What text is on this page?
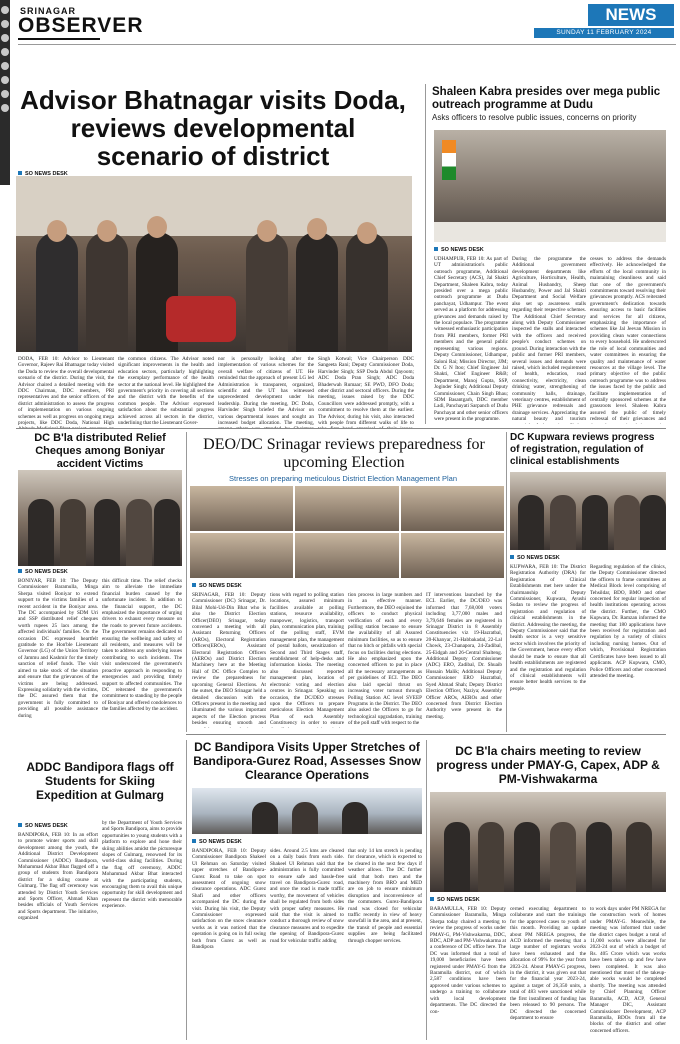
SRINAGAR
OBSERVER	NEWS
SUNDAY 11 FEBRUARY 2024
Advisor Bhatnagar visits Doda, reviews developmental scenario of district
SO NEWS DESK
DODA, FEB 10: Advisor to Lieutenant Governor, Rajeev Rai Bhatnagar today visited the Doda to review the overall developmental scenario of the district. During the visit, the Advisor chaired a detailed meeting with the DDC Chairman, DDC members, PRI representatives and the senior officers of the district administration to assess the progress of implementation on various ongoing schemes as well as progress on ongoing mega projects, like DDC Doda, National High
the common citizens. The Advisor noted significant improvements in the health and education sectors, particularly highlighting the exemplary performance of the health sector at the national level. He highlighted the government's priority in covering all sections and the district with the benefits of the common people. The Advisor expressed satisfaction about the substantial progress achieved across all sectors in the district, underlining that the Lieutenant Gover-
nor is personally looking after the implementation of various schemes for the overall welfare of citizens of UT. He reminded that the approach of present LG led Administration is transparent, organized, scientific and the UT has witnessed unprecedented development under his leadership. During the meeting, DC Doda, Harvinder Singh briefed the Advisor on various departmental issues and sought an increased budget allocation. The meeting,
Singh Kotwal; Vice Chairperson DDC Sangeeta Rani; Deputy Commissioner Doda, Harvinder Singh; SSP Doda Abdul Qayoom; ADC Doda Pran Singh; ADC Doda Bhaderwah Rumaar; SE PWD, DFO Doda; other district and sectoral officers. During the meeting, issues raised by the DDC Councillors were addressed promptly, with a commitment to resolve them at the earliest. The Advisor, during his visit, also interacted with people from different walks of life to
Shaleen Kabra presides over mega public outreach programme at Dudu
Asks officers to resolve public issues, concerns on priority
SO NEWS DESK
UDHAMPUR, FEB 10: As part of UT administration's public outreach programme, Additional Chief Secretary (ACS), Jal Shakti Department, Shaleen Kabra, today presided over a mega public outreach programme at Dudu panchayat, Udhampur. The event served as a platform for addressing grievances and demands raised by the local populace. The programme witnessed enthusiastic participation from PRI members, former PRI members and the general public representing various regions. Deputy Commissioner, Udhampur, Saloni Rai; Mission Director, JJM; Dr. G N Itoo; Chief Engineer Jal Shakti, Chief Engineer R&B; Department, Manoj Gupta, SSP, Joginder Singh; Additional Deputy Commissioner, Chain Singh Bhau; SDM Basantgarh, DDC member Ladi, Panchayati Sarpanch of Dudu Panchayat and other senior officers were present in the programme.
During the programme the Additional government development departments like Agriculture, Horticulture, Health, Animal Husbandry, Sheep Husbandry, Power and Jal Shakti Department and Social Welfare also set up awareness stalls regarding their respective schemes. The Additional Chief Secretary along with Deputy Commissioner inspected the stalls and interacted with the officers and received people's conduct schemes on ground. During interaction with the public and former PRI members, several issues and demands were raised, which included requirement of health, education, road connectivity, electricity, clean drinking water, strengthening of community halls, drainage, veterinary centres, establishment of PHE grievance redressals and drainage services. Appreciating the natural beauty and tourism
cesses to address the demands effectively. He acknowledged the efforts of the local community in maintaining cleanliness and said that one of the government's commitments toward resolving their grievances promptly. ACS reiterated government's dedication towards ensuring access to basic facilities and services for all citizens, emphasizing the importance of schemes like Jal Jeevan Mission in providing clean water connections to every household. He underscored the role of local communities and water committees in ensuring the quality and maintenance of water resources at the village level. The primary objective of the public outreach programme was to address the issues faced by the public and facilitate implementation of centrally sponsored schemes at the grassroots level. Shaleen Kabra assured the public of timely redressal of their grievances and
DC B'la distributed Relief Cheques among Boniyar accident Victims
SO NEWS DESK
BONIYAR, FEB 10: The Deputy Commissioner Baramulla, Minga Sherpa visited Boniyar to extend support to the victims families of a recent accident in the Boniyar area. The DC accompanied by SDM Uri and SSP distributed relief cheques worth rupees 25 lacs among the affected individuals' families. On the occasion DC expressed heartfelt gratitude to the Hon'ble Lieutenant Governor (LG) of the Union Territory of Jammu and Kashmir for the timely sanction of relief funds. The visit aimed to take stock of the situation and ensure that the grievances of the victims are being addressed. Expressing solidarity with the victims, the DC assured them that the government is fully committed to providing all possible assistance during
this difficult time. The relief checks aim to alleviate the immediate financial burden caused by the unfortunate incident. In addition to the financial support, the DC emphasized the importance of urging drivers to exhaust every measure on the roads to prevent future accidents. The government remains dedicated to ensuring the wellbeing and safety of all residents, and measures will be taken to address any underlying issues contributing to such incidents. The visit underscored the government's proactive approach in responding to emergencies and providing timely support to affected communities. The DC reiterated the government's commitment to standing by the people of Boniyar and offered condolences to the families affected by the accident.
DEO/DC Srinagar reviews preparedness for upcoming Election
Stresses on preparing meticulous District Election Management Plan
SO NEWS DESK
SRINAGAR, FEB 10: Deputy Commissioner (DC) Srinagar, Dr. Bilal Mohi-Ud-Din Bhat who is also the District Election Officer(DEO) Srinagar, today convened a meeting with all Assistant Returning Officers (AROs), Electoral Registration Officers(EROs), Assistant Electoral Registration Officers (AEROs) and District Election Machinery here at the Meeting Hall of DC Office Complex to review the preparedness for upcoming General Elections. At the outset, the DEO Srinagar held a detailed discussion with the Officers present in the meeting and illuminated the various important aspects of the Election process besides ensuring smooth and
tions with regard to polling station locations, assured minimum facilities available at polling stations, resource availability, manpower, logistics, transport plan, communication plan, training of the polling staff, EVM management plan, the management of postal ballots, sensitization of Second and Third Stages staff, establishment of help-desks and information kiosks. The meeting also discussed reported management plan, location of electronic voting and election centres in Srinagar. Speaking on occasion, the DC/DEO stresses upon the Officers to prepare meticulous Election Management Plan of each Assembly Constituency in order to ensure
tion process in large numbers and in an effective manner. Furthermore, the DEO enjoined the officers to conduct physical verification of each and every polling station because to ensure the availability of all Assured minimum facilities, so as to ensure that no hitch or pitfalls with special focus on facilities during elections. He also emphasized upon the concerned officers to put in place all the necessary arrangements as per guidelines of ECI. The DEO also laid special thrust on increasing voter turnout through Polling Station AC level SVEEP Programs in the District. The DEO also asked the Officers to go for technological upgradation, training of the poll staff with respect to the
IT interventions launched by the ECI. Earlier, the DC/DEO was informed that 7,68,000 voters including 3,77,000 males and 3,79,646 females are registered in Srinagar District in 8 Assembly Constituencies viz 19-Hazratbal, 20-Khanyar, 21-Habbakadal, 22-Lal Chowk, 23-Chanapora, 24-Zadibal, 25-Eidgah and 26-Central Shalteng. Additional Deputy Commissioner (ADC) ERO, Zadibal, Dr. Shuaib Hussain Malik; Additional Deputy Commissioner ERO Hazratbal, Syed Ahmad Shah; Deputy District Election Officer, Naziya; Assembly Officer AROs, AEROs and other concerned from District Election Authority were present in the meeting.
DC Kupwara reviews progress of registration, regulation of clinical establishments
SO NEWS DESK
KUPWARA, FEB 10: The District Registration Authority (DRA) for Registration of Clinical Establishments met here under the chairmanship of Deputy Commissioner, Kupwara, Ayushi Sudan to review the progress of registration and regulation of clinical establishments in the district. Addressing the meeting, the Deputy Commissioner said that the health sector is a very sensitive sector which involves the priority of the Government, hence every effort should be made to ensure that all health establishments are registered and the registration and regulation of clinical establishments will ensure better health services to the people.
Regarding regulation of the clinics, the Deputy Commissioner directed the officers to frame committees at Medical Block level comprising of Tehsildar, BDO, BMO and other concerned for regular inspection of health institutions operating across the district. Further, the CMO Kupwara, Dr. Ramzan informed the meeting that 180 applications have been received for registration and regulation by a variety of clinics including nursing homes. Out of which, Provisional Registration Certificates have been issued to all applicants. ACP Kupwara, CMO, Police Officers and other concerned attended the meeting.
ADDC Bandipora flags off Students for Skiing Expedition at Gulmarg
SO NEWS DESK
BANDIPORA, FEB 10: In an effort to promote winter sports and skill development among the youth, the Additional District Development Commissioner (ADDC) Bandipora, Mohammad Akbar Bhat flagged off a group of students from Bandipora district for a skiing course at Gulmarg. The flag off ceremony was attended by District Youth Services and Sports Officer, Ahmad Khan besides officials of Youth Services and Sports department. The initiative, organized
by the Department of Youth Services and Sports Bandipora, aims to provide opportunities to young students with a platform to explore and hone their skiing abilities amidst the picturesque slopes of Gulmarg, renowned for its world-class skiing facilities. During the flag off ceremony, ADDC Mohammad Akbar Bhat interacted with the participating students, encouraging them to avail this unique opportunity for skill development and represent the district with memorable experience.
DC Bandipora Visits Upper Stretches of Bandipora-Gurez Road, Assesses Snow Clearance Operations
SO NEWS DESK
BANDIPORA, FEB 10: Deputy Commissioner Bandipora Shakeel Ul Rehman on Saturday visited upper stretches of Bandipora-Gurez Road to take on spot assessment of ongoing snow clearance operations. ADC Gurez Shafi and other officers accompanied the DC during the visit. During his visit, the Deputy Commissioner expressed satisfaction on the snow clearance works as it was noticed that the operation is going on in full swing both from Gurez as well as Bandipora
sides. Around 2.5 kms are cleared on a daily basis from each side. Shakeel Ul Rehman said that the administration is fully committed to ensure safe and hassle-free travel on Bandipora-Gurez road, and once the road is made traffic worthy, the movement of vehicles shall be regulated from both sides with proper safety measures. He said that the visit is aimed to conduct a thorough review of snow clearance measures and to expedite the opening of Bandipora-Gurez road for vehicular traffic adding
that only 14 km stretch is pending for clearance, which is expected to be cleared in the next few days if weather allows. The DC further said that both men and the machinery from BRO and MED are on job to ensure minimum disruption and inconvenience of the commuters. Gurez-Bandipora road was closed for vehicular traffic recently in view of heavy snowfall in the area, and at present, the transit of people and essential supplies are being facilitated through chopper services.
DC B'la chairs meeting to review progress under PMAY-G, Capex, ADP & PM-Vishwakarma
SO NEWS DESK
BARAMULLA, FEB 10: Deputy Commissioner Baramulla, Minga Sherpa today chaired a meeting to review the progress of works under PMAY-G, PM-Vishwakarma, DDC, BDC, ADP and PM-Vishwakarma at a conference of DC office here. The DC was informed that a total of 19,000 beneficiaries have been registered under PMAY-G from the Baramulla district, out of which 2,587 conditions have been approved under various schemes to undergo a training to collaborate with local development departments. The DC directed the con-
cerned executing department to collaborate and start the trainings for the approved cases to youth of this month. Providing an update about PM NREGA progress, the ACD informed the meeting that a large number of registrars works have been exhausted and the allocation of 99% for the year from 2023-24. About PMAY-G progress, in the district, it was given out that for the financial year 2023-24, against a target of 26,350 units, a total of 483 were sanctioned while the first installment of funding has been released to 90 persons. The DC directed the concerned department to ensure
to work days under PM NREGA for the construction work of homes under PMAY-G. Meanwhile, the meeting was informed that under the district capex budget a total of 11,000 works were allocated for 2023-24 out of which a budget of Rs. 405 Crore which was works have been taken up and few have been completed. It was also mentioned that most of the takeup-able works would be completed shortly. The meeting was attended by Chief Planning Officer Baramulla, ACD, ACP, General Manager DIC, Assistant Commissioner Development, ACP Baramulla, BDOs from all the blocks of the district and other concerned officers.
